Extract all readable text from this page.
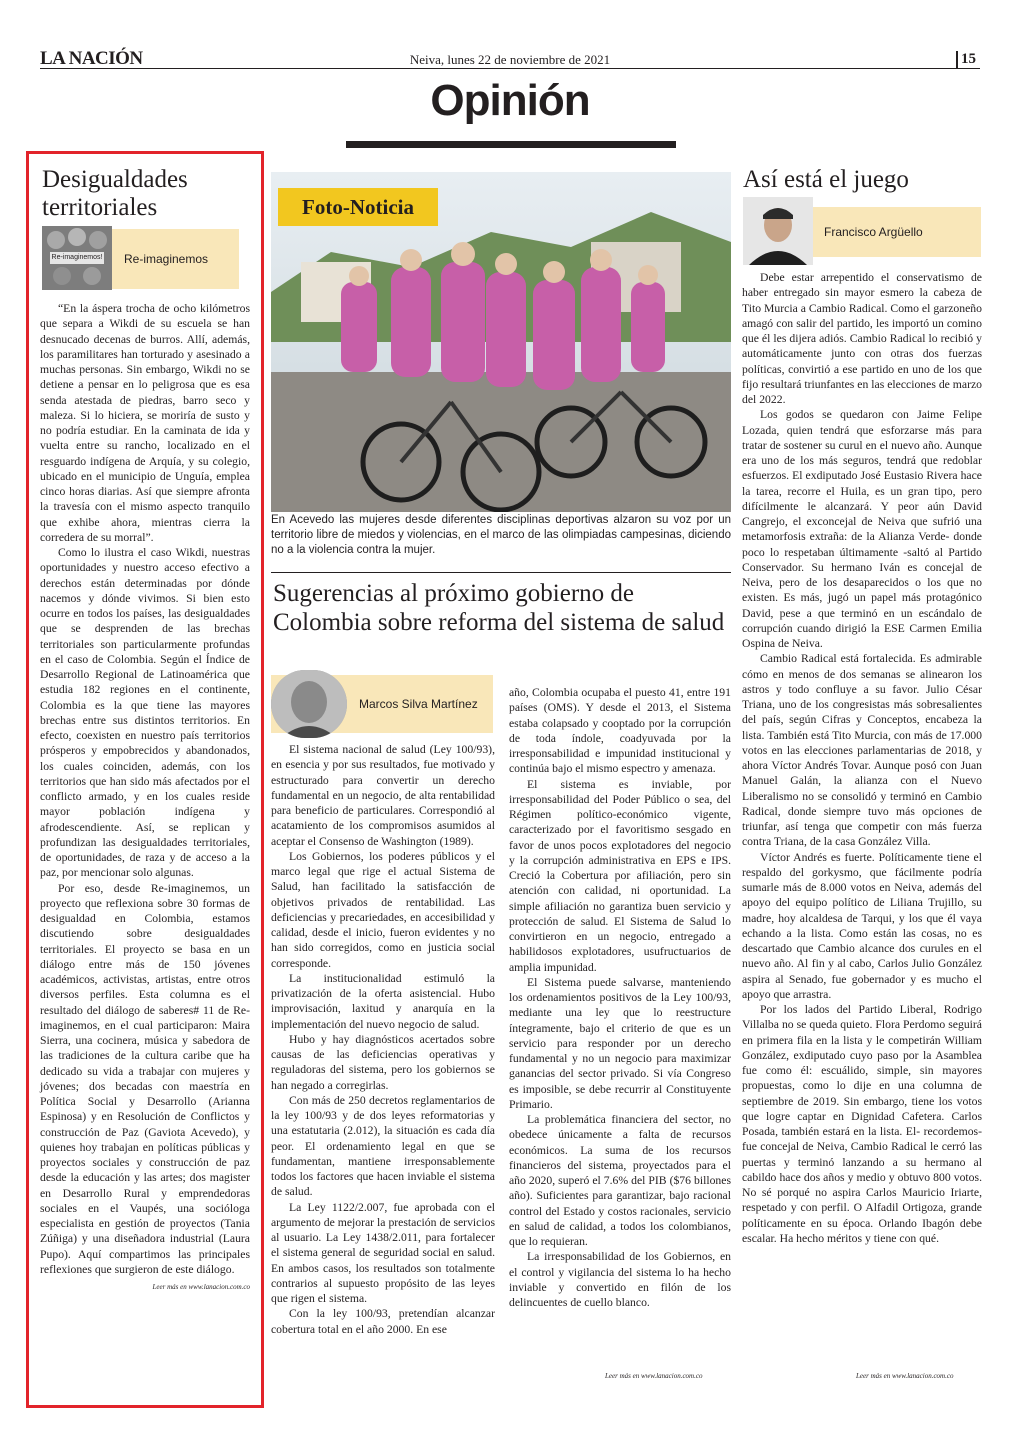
LA NACIÓN	Neiva, lunes 22 de noviembre de 2021	15
Opinión
Desigualdades territoriales
Re-imaginemos
Re-imaginemos!

“En la áspera trocha de ocho kilómetros que separa a Wikdi de su escuela se han desnucado decenas de burros. Allí, además, los paramilitares han torturado y asesinado a muchas personas. Sin embargo, Wikdi no se detiene a pensar en lo peligrosa que es esa senda atestada de piedras, barro seco y maleza. Si lo hiciera, se moriría de susto y no podría estudiar. En la caminata de ida y vuelta entre su rancho, localizado en el resguardo indígena de Arquía, y su colegio, ubicado en el municipio de Unguía, emplea cinco horas diarias. Así que siempre afronta la travesía con el mismo aspecto tranquilo que exhibe ahora, mientras cierra la corredera de su morral”.

Como lo ilustra el caso Wikdi, nuestras oportunidades y nuestro acceso efectivo a derechos están determinadas por dónde nacemos y dónde vivimos. Si bien esto ocurre en todos los países, las desigualdades que se desprenden de las brechas territoriales son particularmente profundas en el caso de Colombia. Según el Índice de Desarrollo Regional de Latinoamérica que estudia 182 regiones en el continente, Colombia es la que tiene las mayores brechas entre sus distintos territorios. En efecto, coexisten en nuestro país territorios prósperos y empobrecidos y abandonados, los cuales coinciden, además, con los territorios que han sido más afectados por el conflicto armado, y en los cuales reside mayor población indígena y afrodescendiente. Así, se replican y profundizan las desigualdades territoriales, de oportunidades, de raza y de acceso a la paz, por mencionar solo algunas.

Por eso, desde Re-imaginemos, un proyecto que reflexiona sobre 30 formas de desigualdad en Colombia, estamos discutiendo sobre desigualdades territoriales. El proyecto se basa en un diálogo entre más de 150 jóvenes académicos, activistas, artistas, entre otros diversos perfiles. Esta columna es el resultado del diálogo de saberes# 11 de Re-imaginemos, en el cual participaron: Maira Sierra, una cocinera, música y sabedora de las tradiciones de la cultura caribe que ha dedicado su vida a trabajar con mujeres y jóvenes; dos becadas con maestría en Política Social y Desarrollo (Arianna Espinosa) y en Resolución de Conflictos y construcción de Paz (Gaviota Acevedo), y quienes hoy trabajan en políticas públicas y proyectos sociales y construcción de paz desde la educación y las artes; dos magister en Desarrollo Rural y emprendedoras sociales en el Vaupés, una socióloga especialista en gestión de proyectos (Tania Zúñiga) y una diseñadora industrial (Laura Pupo). Aquí compartimos las principales reflexiones que surgieron de este diálogo.

Leer más en www.lanacion.com.co
Foto-Noticia
En Acevedo las mujeres desde diferentes disciplinas deportivas alzaron su voz por un territorio libre de miedos y violencias, en el marco de las olimpiadas campesinas, diciendo no a la violencia contra la mujer.
Sugerencias al próximo gobierno de Colombia sobre reforma del sistema de salud
Marcos Silva Martínez

El sistema nacional de salud (Ley 100/93), en esencia y por sus resultados, fue motivado y estructurado para convertir un derecho fundamental en un negocio, de alta rentabilidad para beneficio de particulares. Correspondió al acatamiento de los compromisos asumidos al aceptar el Consenso de Washington (1989).

Los Gobiernos, los poderes públicos y el marco legal que rige el actual Sistema de Salud, han facilitado la satisfacción de objetivos privados de rentabilidad. Las deficiencias y precariedades, en accesibilidad y calidad, desde el inicio, fueron evidentes y no han sido corregidos, como en justicia social corresponde.

La institucionalidad estimuló la privatización de la oferta asistencial. Hubo improvisación, laxitud y anarquía en la implementación del nuevo negocio de salud.

Hubo y hay diagnósticos acertados sobre causas de las deficiencias operativas y reguladoras del sistema, pero los gobiernos se han negado a corregirlas.

Con más de 250 decretos reglamentarios de la ley 100/93 y de dos leyes reformatorias y una estatutaria (2.012), la situación es cada día peor. El ordenamiento legal en que se fundamentan, mantiene irresponsablemente todos los factores que hacen inviable el sistema de salud.

La Ley 1122/2.007, fue aprobada con el argumento de mejorar la prestación de servicios al usuario. La Ley 1438/2.011, para fortalecer el sistema general de seguridad social en salud. En ambos casos, los resultados son totalmente contrarios al supuesto propósito de las leyes que rigen el sistema.

Con la ley 100/93, pretendían alcanzar cobertura total en el año 2000. En ese

año, Colombia ocupaba el puesto 41, entre 191 países (OMS). Y desde el 2013, el Sistema estaba colapsado y cooptado por la corrupción de toda índole, coadyuvada por la irresponsabilidad e impunidad institucional y continúa bajo el mismo espectro y amenaza.

El sistema es inviable, por irresponsabilidad del Poder Público o sea, del Régimen político-económico vigente, caracterizado por el favoritismo sesgado en favor de unos pocos explotadores del negocio y la corrupción administrativa en EPS e IPS. Creció la Cobertura por afiliación, pero sin atención con calidad, ni oportunidad. La simple afiliación no garantiza buen servicio y protección de salud. El Sistema de Salud lo convirtieron en un negocio, entregado a habilidosos explotadores, usufructuarios de amplia impunidad.

El Sistema puede salvarse, manteniendo los ordenamientos positivos de la Ley 100/93, mediante una ley que lo reestructure íntegramente, bajo el criterio de que es un servicio para responder por un derecho fundamental y no un negocio para maximizar ganancias del sector privado. Si vía Congreso es imposible, se debe recurrir al Constituyente Primario.

La problemática financiera del sector, no obedece únicamente a falta de recursos económicos. La suma de los recursos financieros del sistema, proyectados para el año 2020, superó el 7.6% del PIB ($76 billones año). Suficientes para garantizar, bajo racional control del Estado y costos racionales, servicio en salud de calidad, a todos los colombianos, que lo requieran.

La irresponsabilidad de los Gobiernos, en el control y vigilancia del sistema lo ha hecho inviable y convertido en filón de los delincuentes de cuello blanco.

Leer más en www.lanacion.com.co
Así está el juego
Francisco Argüello

Debe estar arrepentido el conservatismo de haber entregado sin mayor esmero la cabeza de Tito Murcia a Cambio Radical. Como el garzoneño amagó con salir del partido, les importó un comino que él les dijera adiós. Cambio Radical lo recibió y automáticamente junto con otras dos fuerzas políticas, convirtió a ese partido en uno de los que fijo resultará triunfantes en las elecciones de marzo del 2022.

Los godos se quedaron con Jaime Felipe Lozada, quien tendrá que esforzarse más para tratar de sostener su curul en el nuevo año. Aunque era uno de los más seguros, tendrá que redoblar esfuerzos. El exdiputado José Eustasio Rivera hace la tarea, recorre el Huila, es un gran tipo, pero difícilmente le alcanzará. Y peor aún David Cangrejo, el exconcejal de Neiva que sufrió una metamorfosis extraña: de la Alianza Verde- donde poco lo respetaban últimamente -saltó al Partido Conservador. Su hermano Iván es concejal de Neiva, pero de los desaparecidos o los que no existen. Es más, jugó un papel más protagónico David, pese a que terminó en un escándalo de corrupción cuando dirigió la ESE Carmen Emilia Ospina de Neiva.

Cambio Radical está fortalecida. Es admirable cómo en menos de dos semanas se alinearon los astros y todo confluye a su favor. Julio César Triana, uno de los congresistas más sobresalientes del país, según Cifras y Conceptos, encabeza la lista. También está Tito Murcia, con más de 17.000 votos en las elecciones parlamentarias de 2018, y ahora Víctor Andrés Tovar. Aunque posó con Juan Manuel Galán, la alianza con el Nuevo Liberalismo no se consolidó y terminó en Cambio Radical, donde siempre tuvo más opciones de triunfar, así tenga que competir con más fuerza contra Triana, de la casa González Villa.

Víctor Andrés es fuerte. Políticamente tiene el respaldo del gorkysmo, que fácilmente podría sumarle más de 8.000 votos en Neiva, además del apoyo del equipo político de Liliana Trujillo, su madre, hoy alcaldesa de Tarqui, y los que él vaya echando a la lista. Como están las cosas, no es descartado que Cambio alcance dos curules en el nuevo año. Al fin y al cabo, Carlos Julio González aspira al Senado, fue gobernador y es mucho el apoyo que arrastra.

Por los lados del Partido Liberal, Rodrigo Villalba no se queda quieto. Flora Perdomo seguirá en primera fila en la lista y le competirán William González, exdiputado cuyo paso por la Asamblea fue como él: escuálido, simple, sin mayores propuestas, como lo dije en una columna de septiembre de 2019. Sin embargo, tiene los votos que logre captar en Dignidad Cafetera. Carlos Posada, también estará en la lista. El- recordemos- fue concejal de Neiva, Cambio Radical le cerró las puertas y terminó lanzando a su hermano al cabildo hace dos años y medio y obtuvo 800 votos. No sé porqué no aspira Carlos Mauricio Iriarte, respetado y con perfil. O Alfadil Ortigoza, grande políticamente en su época. Orlando Ibagón debe escalar. Ha hecho méritos y tiene con qué.

Leer más en www.lanacion.com.co
